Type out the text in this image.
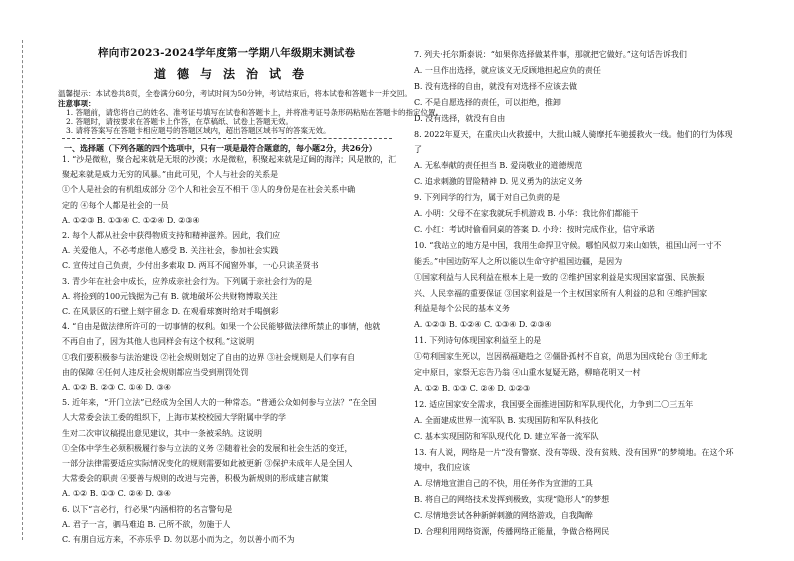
梓向市2023-2024学年度第一学期八年级期末测试卷
道德与法治试卷
温馨提示：本试卷共8页，全卷满分60分，考试时间为50分钟，考试结束后，将本试卷和答题卡一并交回。
注意事项：
1. 答题前，请您将自己的姓名、准考证号填写在试卷和答题卡上，并将准考证号条形码粘贴在答题卡的指定位置。
2. 答题时，请按要求在答题卡上作答，在草稿纸、试卷上答题无效。
3. 请将答案写在答题卡相应题号的答题区域内，超出答题区域书写的答案无效。
一、选择题（下列各题的四个选项中，只有一项是最符合题意的，每小题2分，共26分）
1. “沙是微粒，聚合起来就是无垠的沙漠；水是微粒，积聚起来就是辽阔的海洋；风是散的，汇
聚起来就是威力无穷的风暴。”由此可见，个人与社会的关系是
①个人是社会的有机组成部分 ②个人和社会互不相干 ③人的身份是在社会关系中确
定的 ④每个人都是社会的一员
A. ①②③ B. ①③④ C. ①②④ D. ②③④
2. 每个人都从社会中获得物质支持和精神滋养。因此，我们应
A. 关爱他人，不必考虑他人感受 B. 关注社会，参加社会实践
C. 宣传过自己负责，少付出多索取 D. 两耳不闻窗外事，一心只读圣贤书
3. 青少年在社会中成长，应养成亲社会行为。下列属于亲社会行为的是
A. 将捡到的100元钱据为己有 B. 就地破坏公共财物博取关注
C. 在风景区的石壁上刻字留念 D. 在观看球赛时给对手喝倒彩
4. “自由是做法律所许可的一切事情的权利。如果一个公民能够做法律所禁止的事情，他就
不再自由了，因为其他人也同样会有这个权利。”这说明
①我们要积极参与法治建设 ②社会规则划定了自由的边界 ③社会规则是人们享有自
由的保障 ④任何人违反社会规则都应当受到刑罚处罚
A. ①② B. ②③ C. ①④ D. ③④
5. 近年来，“开门立法”已经成为全国人大的一种常态。“普通公众如何参与立法？”在全国
人大常委会法工委的组织下，上海市某校校园大学附属中学的学
生对二次审议稿提出意见建议，其中一条被采纳。这说明
①全体中学生必须积极履行参与立法的义务 ②随着社会的发展和社会生活的变迁，
一部分法律需要适应实际情况变化的规则需要如此被更新 ③保护未成年人是全国人
大常委会的职责 ④要善与规则的改进与完善，积极为新规则的形成建言献策
A. ①② B. ①③ C. ②④ D. ③④
6. 以下“言必行，行必果”内涵相符的名言警句是
A. 君子一言，驷马难追 B. 己所不欲，勿施于人
C. 有朋自远方来，不亦乐乎 D. 勿以恶小而为之，勿以善小而不为
7. 列夫·托尔斯泰说：“如果你选择做某件事，那就把它做好。”这句话告诉我们
A. 一旦作出选择，就应该义无反顾地担起应负的责任
B. 没有选择的自由，就没有对选择不应该去做
C. 不是自愿选择的责任，可以拒绝，推卸
D. 没有选择，就没有自由
8. 2022年夏天，在重庆山火救援中，大批山城人骑摩托车驰援救火一线。他们的行为体现
了
A. 无私奉献的责任担当 B. 爱岗敬业的道德规范
C. 追求刺激的冒险精神 D. 见义勇为的法定义务
9. 下列同学的行为，属于对自己负责的是
A. 小明：父母不在家我就玩手机游戏 B. 小华：我比你们都能干
C. 小红：考试时偷看同桌的答案 D. 小玲：按时完成作业，信守承诺
10. “我站立的地方是中国，我用生命捍卫守候。哪怕风似刀来山如铁，祖国山河一寸不
能丢。”中国边防军人之所以能以生命守护祖国边疆，是因为
①国家利益与人民利益在根本上是一致的 ②维护国家利益是实现国家富强、民族振
兴、人民幸福的重要保证 ③国家利益是一个主权国家所有人利益的总和 ④维护国家
利益是每个公民的基本义务
A. ①②③ B. ①②④ C. ①③④ D. ②③④
11. 下列诗句体现国家利益至上的是
①苟利国家生死以，岂因祸福避趋之 ②僵卧孤村不自哀，尚思为国戍轮台 ③王师北
定中原日，家祭无忘告乃翁 ④山重水复疑无路，柳暗花明又一村
A. ①② B. ①③ C. ②④ D. ①②③
12. 适应国家安全需求，我国要全面推进国防和军队现代化，力争到二〇三五年
A. 全面建成世界一流军队 B. 实现国防和军队科技化
C. 基本实现国防和军队现代化 D. 建立军备一流军队
13. 有人说，网络是一片“没有警察、没有等级、没有贫贱、没有国界”的梦境地。在这个环
境中，我们应该
A. 尽情地宣泄自己的不快，用任务作为宣泄的工具
B. 将自己的网络技术发挥到极致，实现“隐形人”的梦想
C. 尽情地尝试各种新鲜刺激的网络游戏，自我陶醉
D. 合理利用网络资源，传播网络正能量，争做合格网民
